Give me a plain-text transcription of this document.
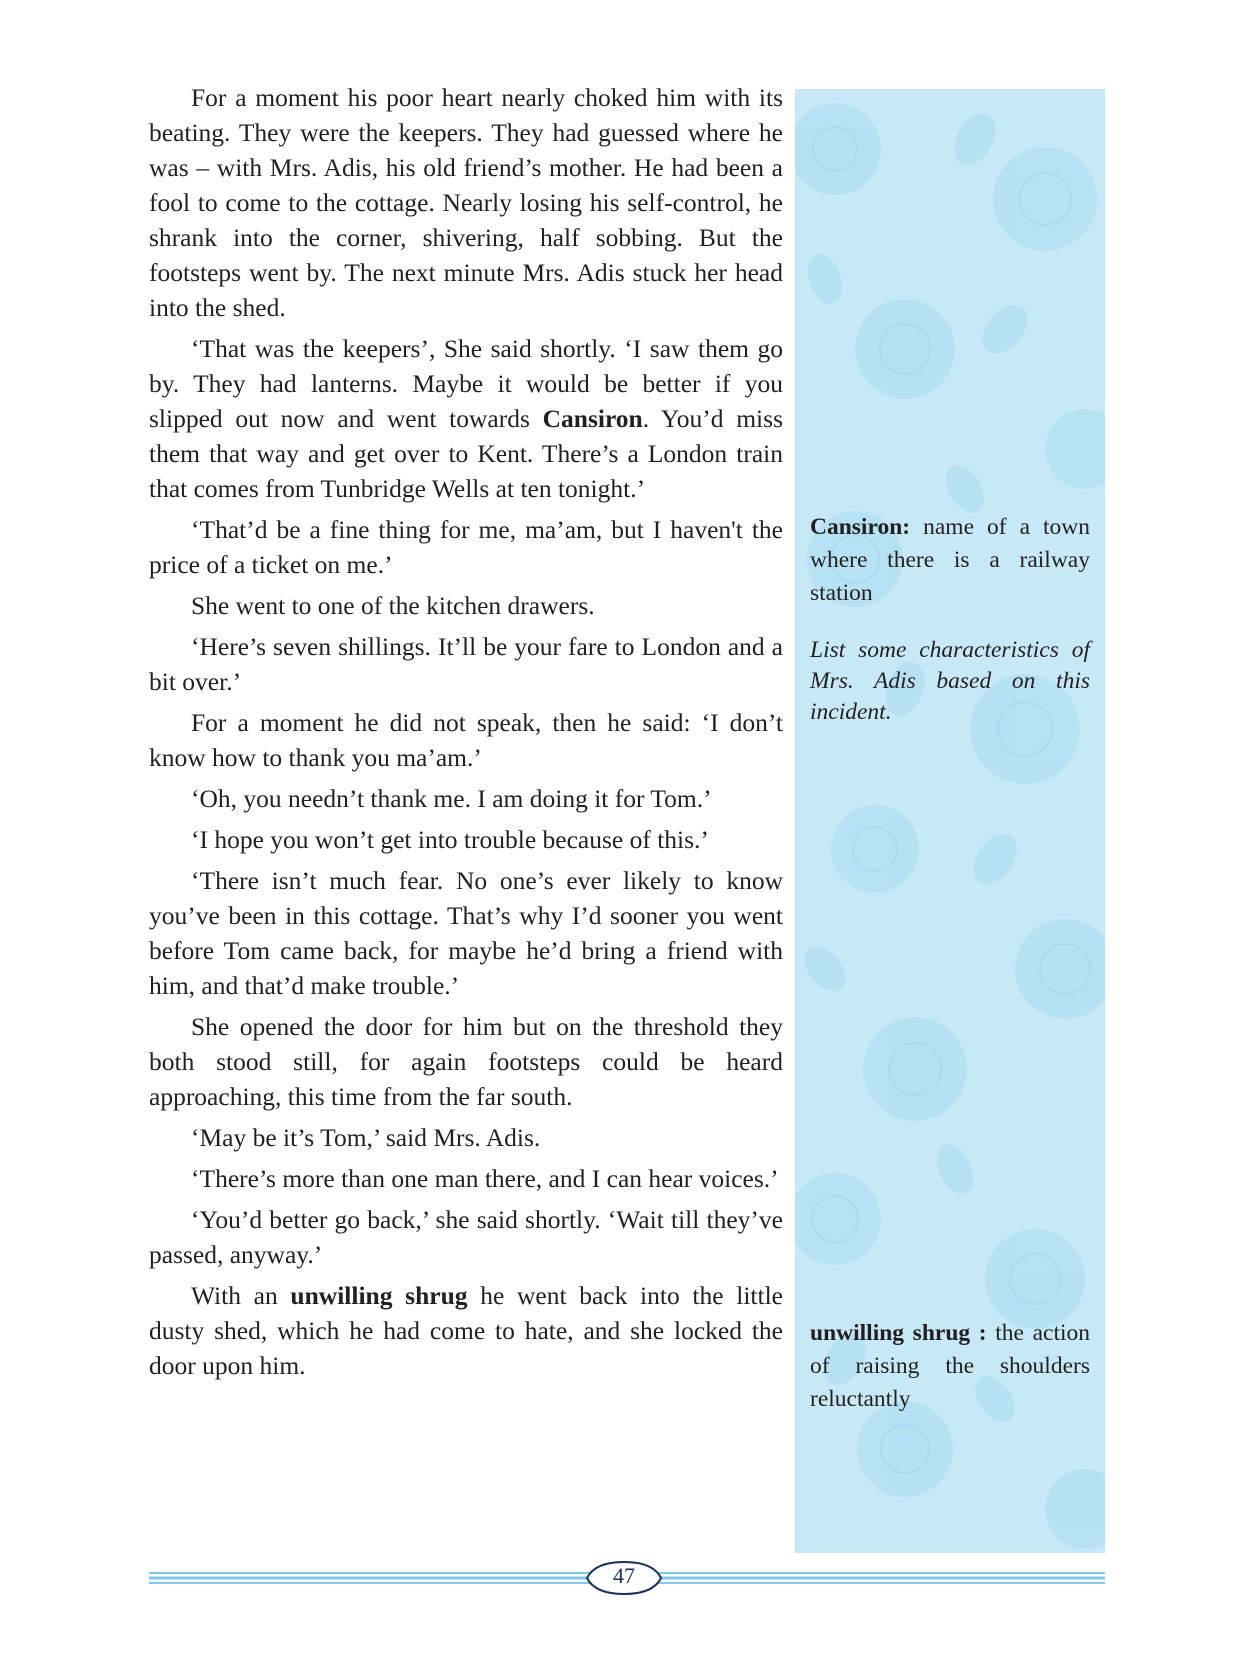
For a moment his poor heart nearly choked him with its beating. They were the keepers. They had guessed where he was – with Mrs. Adis, his old friend’s mother. He had been a fool to come to the cottage. Nearly losing his self-control, he shrank into the corner, shivering, half sobbing. But the footsteps went by. The next minute Mrs. Adis stuck her head into the shed.

‘That was the keepers’, She said shortly. ‘I saw them go by. They had lanterns. Maybe it would be better if you slipped out now and went towards Cansiron. You’d miss them that way and get over to Kent. There’s a London train that comes from Tunbridge Wells at ten tonight.’

‘That’d be a fine thing for me, ma’am, but I haven't the price of a ticket on me.’

She went to one of the kitchen drawers.

‘Here’s seven shillings. It’ll be your fare to London and a bit over.’

For a moment he did not speak, then he said: ‘I don’t know how to thank you ma’am.’

‘Oh, you needn’t thank me. I am doing it for Tom.’

‘I hope you won’t get into trouble because of this.’

‘There isn’t much fear. No one’s ever likely to know you’ve been in this cottage. That’s why I’d sooner you went before Tom came back, for maybe he’d bring a friend with him, and that’d make trouble.’

She opened the door for him but on the threshold they both stood still, for again footsteps could be heard approaching, this time from the far south.

‘May be it’s Tom,’ said Mrs. Adis.

‘There’s more than one man there, and I can hear voices.’

‘You’d better go back,’ she said shortly. ‘Wait till they’ve passed, anyway.’

With an unwilling shrug he went back into the little dusty shed, which he had come to hate, and she locked the door upon him.

Cansiron: name of a town where there is a railway station
List some characteristics of Mrs. Adis based on this incident.
unwilling shrug : the action of raising the shoulders reluctantly
47
